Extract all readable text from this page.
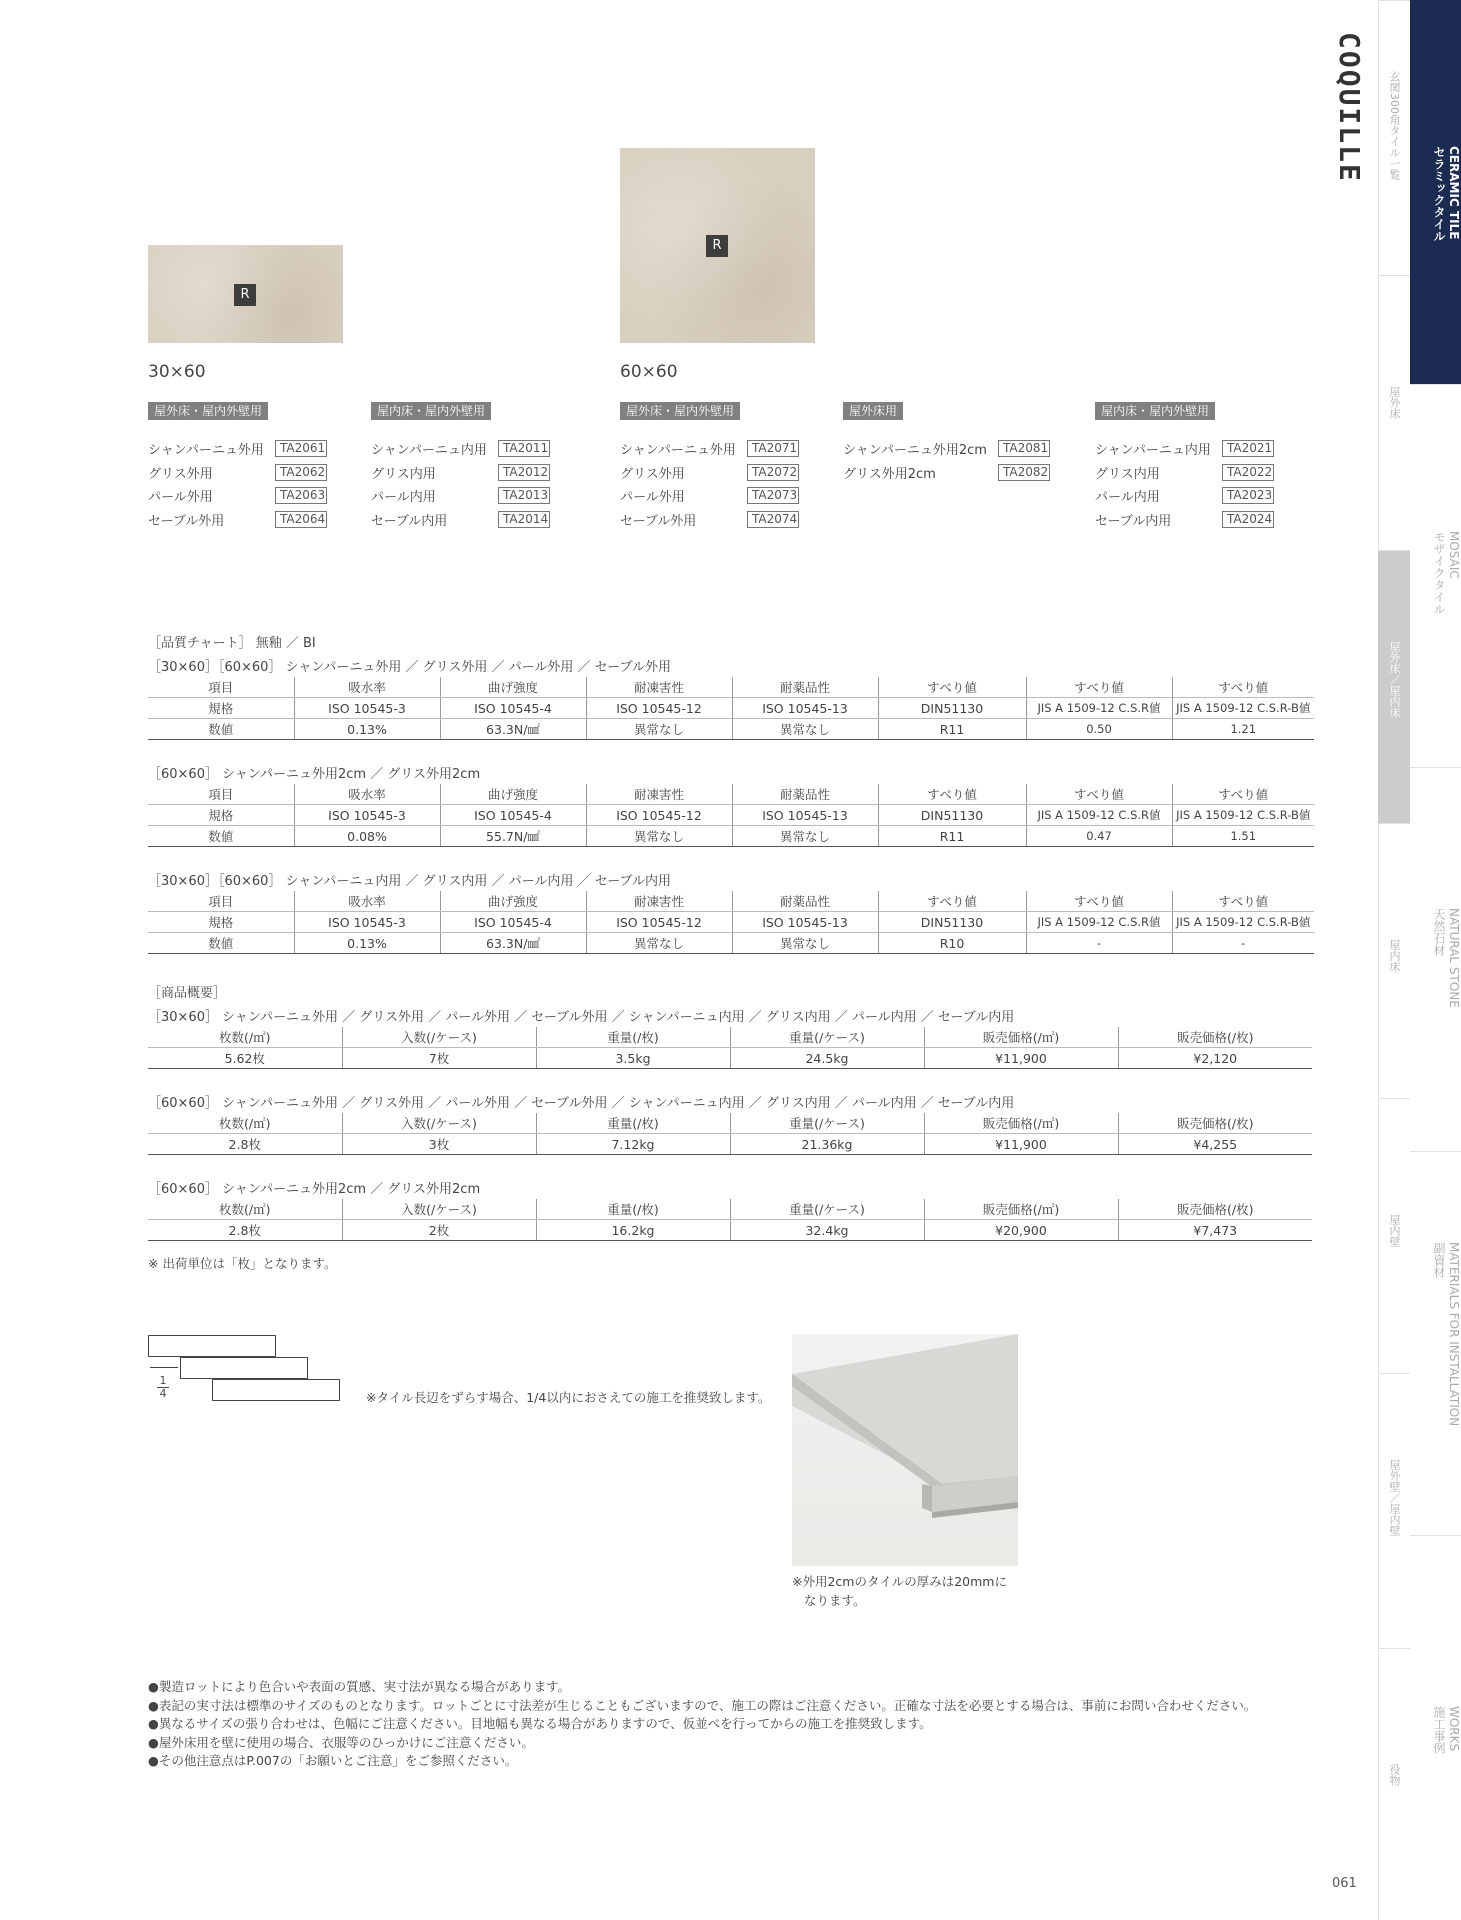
COQUILLE
CERAMIC TILE
セラミックタイル
MOSAIC
モザイクタイル
NATURAL STONE
天然石材
MATERIALS FOR INSTALLATION
副資材
WORKS
施工事例
玄関300角タイル一覧
屋外床
屋外床／屋内床
屋内床
屋内壁
屋外壁／屋内壁
役物
R
30×60
R
60×60
屋外床・屋内外壁用
シャンパーニュ外用	TA2061
グリス外用	TA2062
パール外用	TA2063
セーブル外用	TA2064
屋内床・屋内外壁用
シャンパーニュ内用	TA2011
グリス内用	TA2012
パール内用	TA2013
セーブル内用	TA2014
屋外床・屋内外壁用
シャンパーニュ外用	TA2071
グリス外用	TA2072
パール外用	TA2073
セーブル外用	TA2074
屋外床用
シャンパーニュ外用2cm	TA2081
グリス外用2cm	TA2082
屋内床・屋内外壁用
シャンパーニュ内用	TA2021
グリス内用	TA2022
パール内用	TA2023
セーブル内用	TA2024
［品質チャート］ 無釉 ／ BⅠ
［30×60］［60×60］ シャンパーニュ外用 ／ グリス外用 ／ パール外用 ／ セーブル外用
項目	吸水率	曲げ強度	耐凍害性	耐薬品性	すべり値	すべり値	すべり値
規格	ISO 10545-3	ISO 10545-4	ISO 10545-12	ISO 10545-13	DIN51130	JIS A 1509-12 C.S.R値	JIS A 1509-12 C.S.R-B値
数値	0.13%	63.3N/㎟	異常なし	異常なし	R11	0.50	1.21
［60×60］ シャンパーニュ外用2cm ／ グリス外用2cm
項目	吸水率	曲げ強度	耐凍害性	耐薬品性	すべり値	すべり値	すべり値
規格	ISO 10545-3	ISO 10545-4	ISO 10545-12	ISO 10545-13	DIN51130	JIS A 1509-12 C.S.R値	JIS A 1509-12 C.S.R-B値
数値	0.08%	55.7N/㎟	異常なし	異常なし	R11	0.47	1.51
［30×60］［60×60］ シャンパーニュ内用 ／ グリス内用 ／ パール内用 ／ セーブル内用
項目	吸水率	曲げ強度	耐凍害性	耐薬品性	すべり値	すべり値	すべり値
規格	ISO 10545-3	ISO 10545-4	ISO 10545-12	ISO 10545-13	DIN51130	JIS A 1509-12 C.S.R値	JIS A 1509-12 C.S.R-B値
数値	0.13%	63.3N/㎟	異常なし	異常なし	R10	-	-
［商品概要］
［30×60］ シャンパーニュ外用 ／ グリス外用 ／ パール外用 ／ セーブル外用 ／ シャンパーニュ内用 ／ グリス内用 ／ パール内用 ／ セーブル内用
枚数(/㎡)	入数(/ケース)	重量(/枚)	重量(/ケース)	販売価格(/㎡)	販売価格(/枚)
5.62枚	7枚	3.5kg	24.5kg	¥11,900	¥2,120
［60×60］ シャンパーニュ外用 ／ グリス外用 ／ パール外用 ／ セーブル外用 ／ シャンパーニュ内用 ／ グリス内用 ／ パール内用 ／ セーブル内用
枚数(/㎡)	入数(/ケース)	重量(/枚)	重量(/ケース)	販売価格(/㎡)	販売価格(/枚)
2.8枚	3枚	7.12kg	21.36kg	¥11,900	¥4,255
［60×60］ シャンパーニュ外用2cm ／ グリス外用2cm
枚数(/㎡)	入数(/ケース)	重量(/枚)	重量(/ケース)	販売価格(/㎡)	販売価格(/枚)
2.8枚	2枚	16.2kg	32.4kg	¥20,900	¥7,473
※ 出荷単位は「枚」となります。
1
4	※タイル長辺をずらす場合、1/4以内におさえての施工を推奨致します。
※外用2cmのタイルの厚みは20mmに
なります。
●製造ロットにより色合いや表面の質感、実寸法が異なる場合があります。
●表記の実寸法は標準のサイズのものとなります。ロットごとに寸法差が生じることもございますので、施工の際はご注意ください。正確な寸法を必要とする場合は、事前にお問い合わせください。
●異なるサイズの張り合わせは、色幅にご注意ください。目地幅も異なる場合がありますので、仮並べを行ってからの施工を推奨致します。
●屋外床用を壁に使用の場合、衣服等のひっかけにご注意ください。
●その他注意点はP.007の「お願いとご注意」をご参照ください。
061
